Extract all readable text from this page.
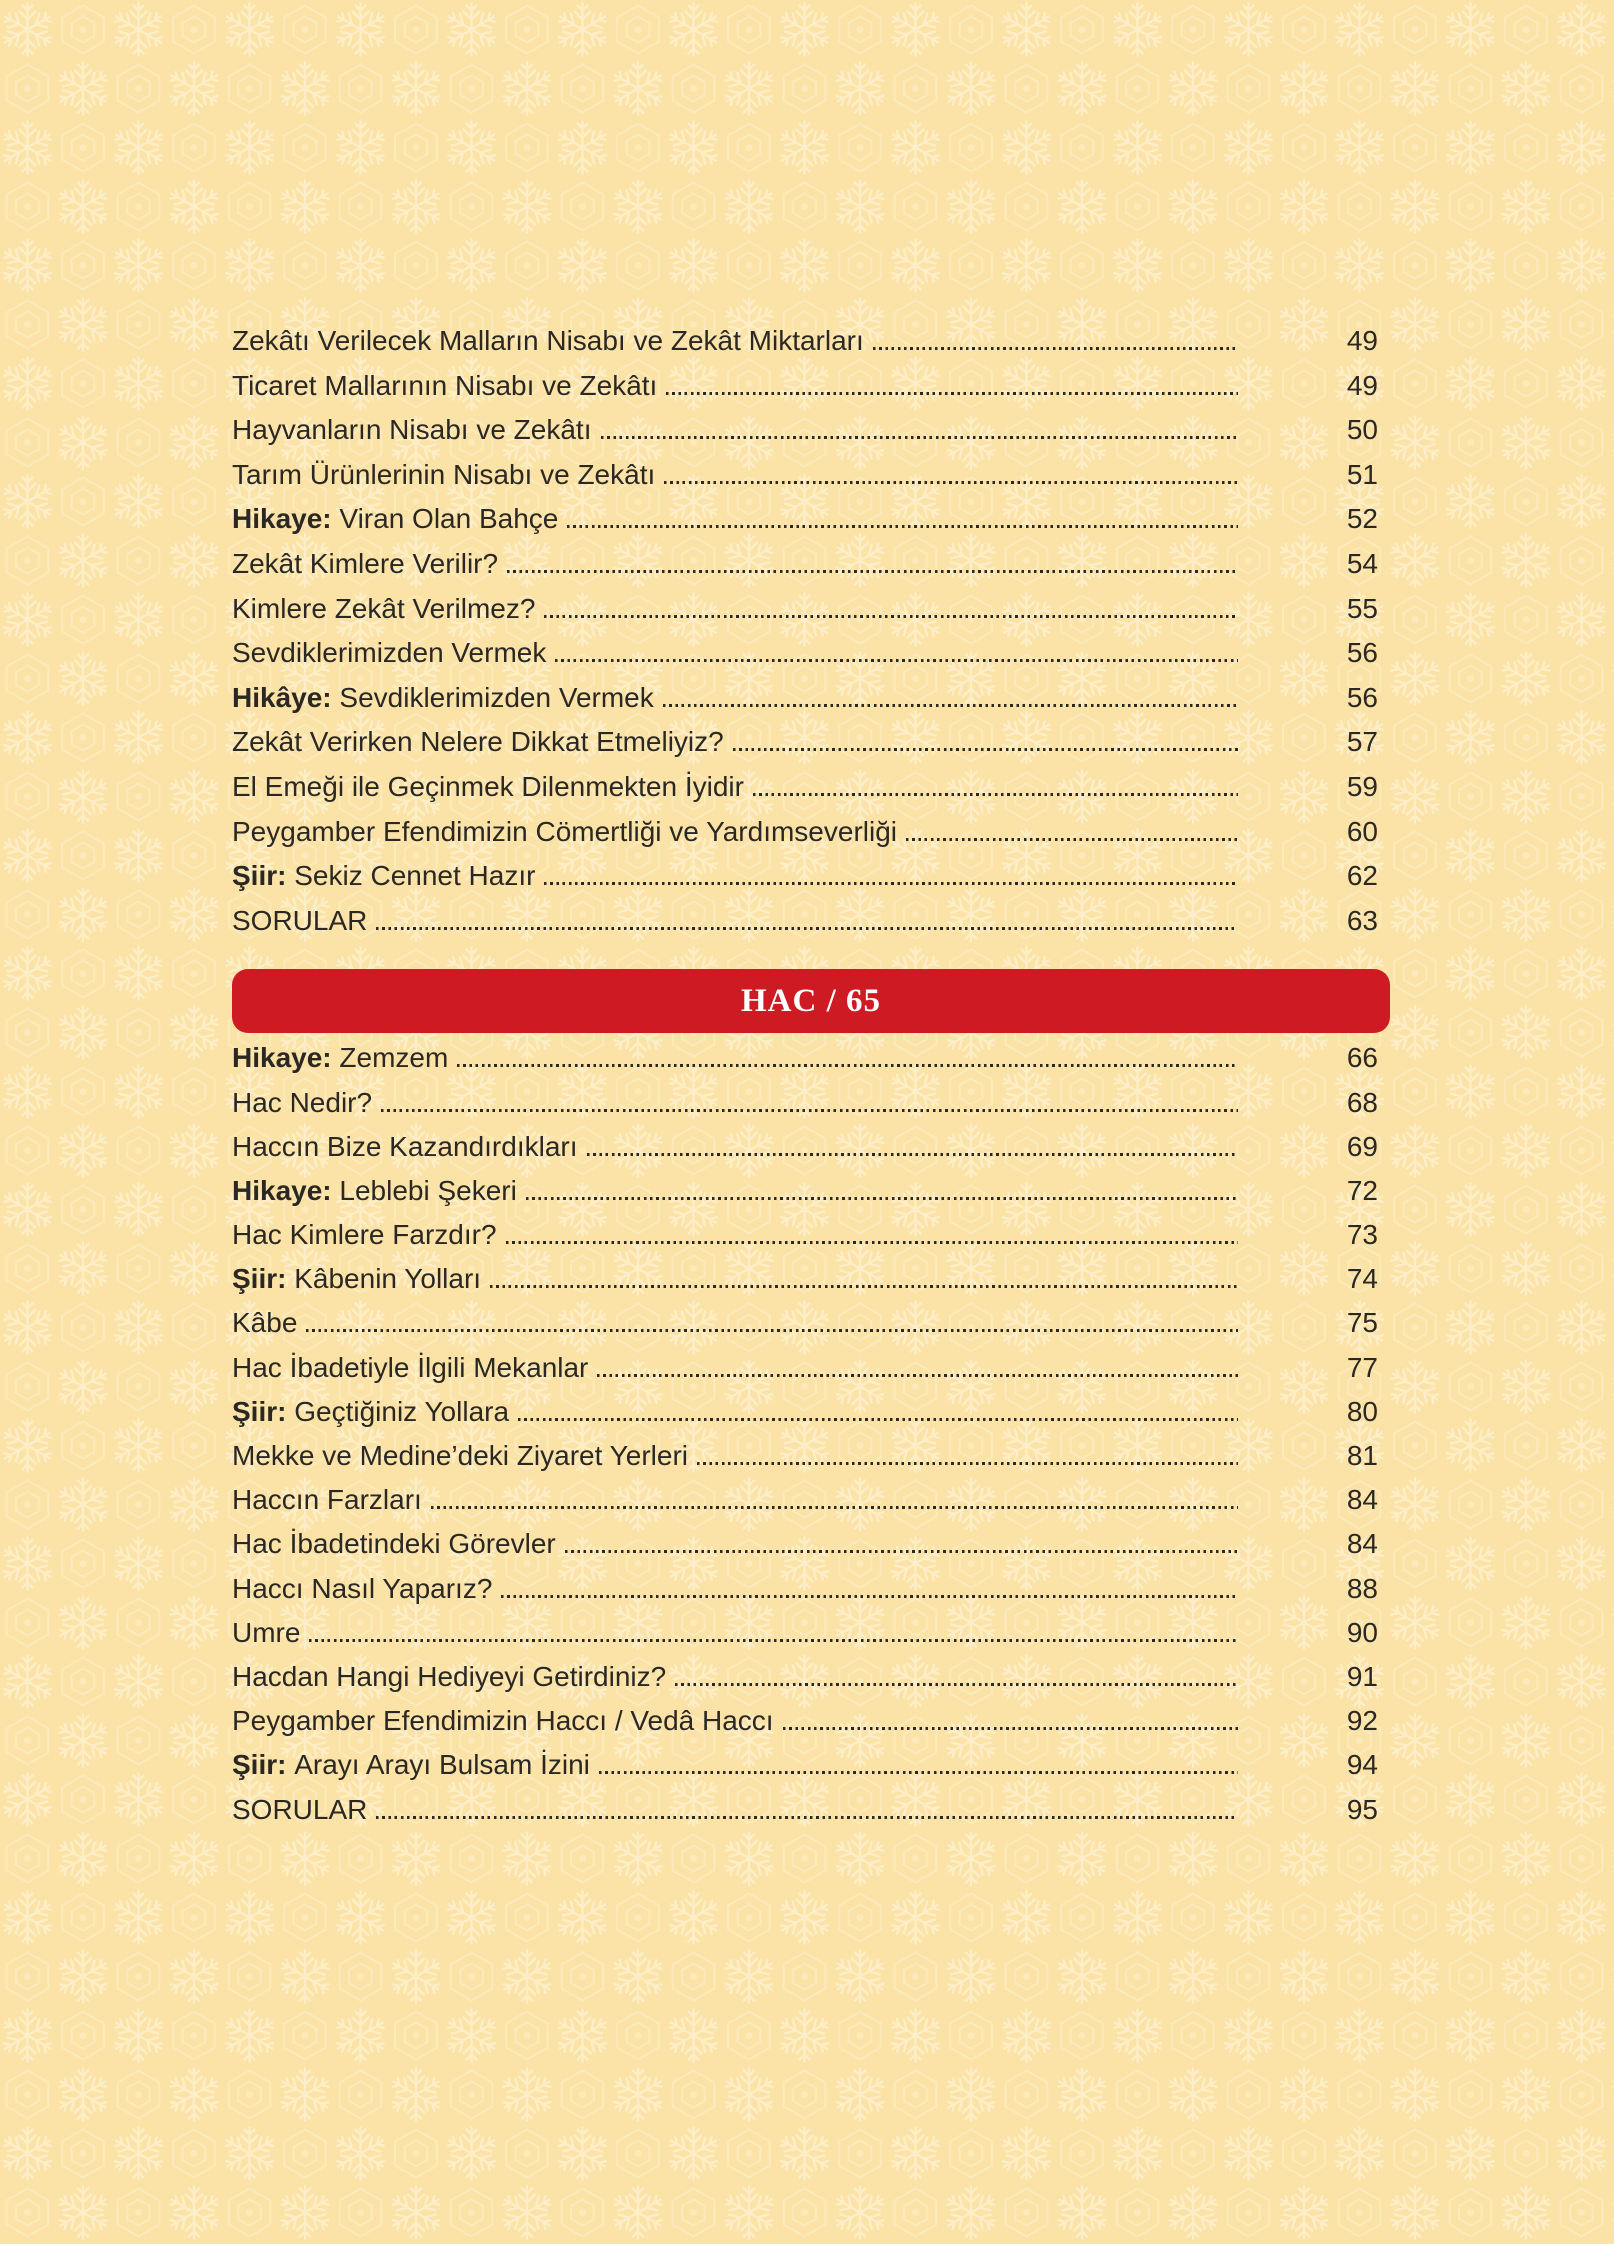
Zekâtı Verilecek Malların Nisabı ve Zekât Miktarları	49
Ticaret Mallarının Nisabı ve Zekâtı	49
Hayvanların Nisabı ve Zekâtı	50
Tarım Ürünlerinin Nisabı ve Zekâtı	51
Hikaye: Viran Olan Bahçe	52
Zekât Kimlere Verilir?	54
Kimlere Zekât Verilmez?	55
Sevdiklerimizden Vermek	56
Hikâye: Sevdiklerimizden Vermek	56
Zekât Verirken Nelere Dikkat Etmeliyiz?	57
El Emeği ile Geçinmek Dilenmekten İyidir	59
Peygamber Efendimizin Cömertliği ve Yardımseverliği	60
Şiir: Sekiz Cennet Hazır	62
SORULAR	63
HAC / 65
Hikaye: Zemzem	66
Hac Nedir?	68
Haccın Bize Kazandırdıkları	69
Hikaye: Leblebi Şekeri	72
Hac Kimlere Farzdır?	73
Şiir: Kâbenin Yolları	74
Kâbe	75
Hac İbadetiyle İlgili Mekanlar	77
Şiir: Geçtiğiniz Yollara	80
Mekke ve Medine’deki Ziyaret Yerleri	81
Haccın Farzları	84
Hac İbadetindeki Görevler	84
Haccı Nasıl Yaparız?	88
Umre	90
Hacdan Hangi Hediyeyi Getirdiniz?	91
Peygamber Efendimizin Haccı / Vedâ Haccı	92
Şiir: Arayı Arayı Bulsam İzini	94
SORULAR	95
